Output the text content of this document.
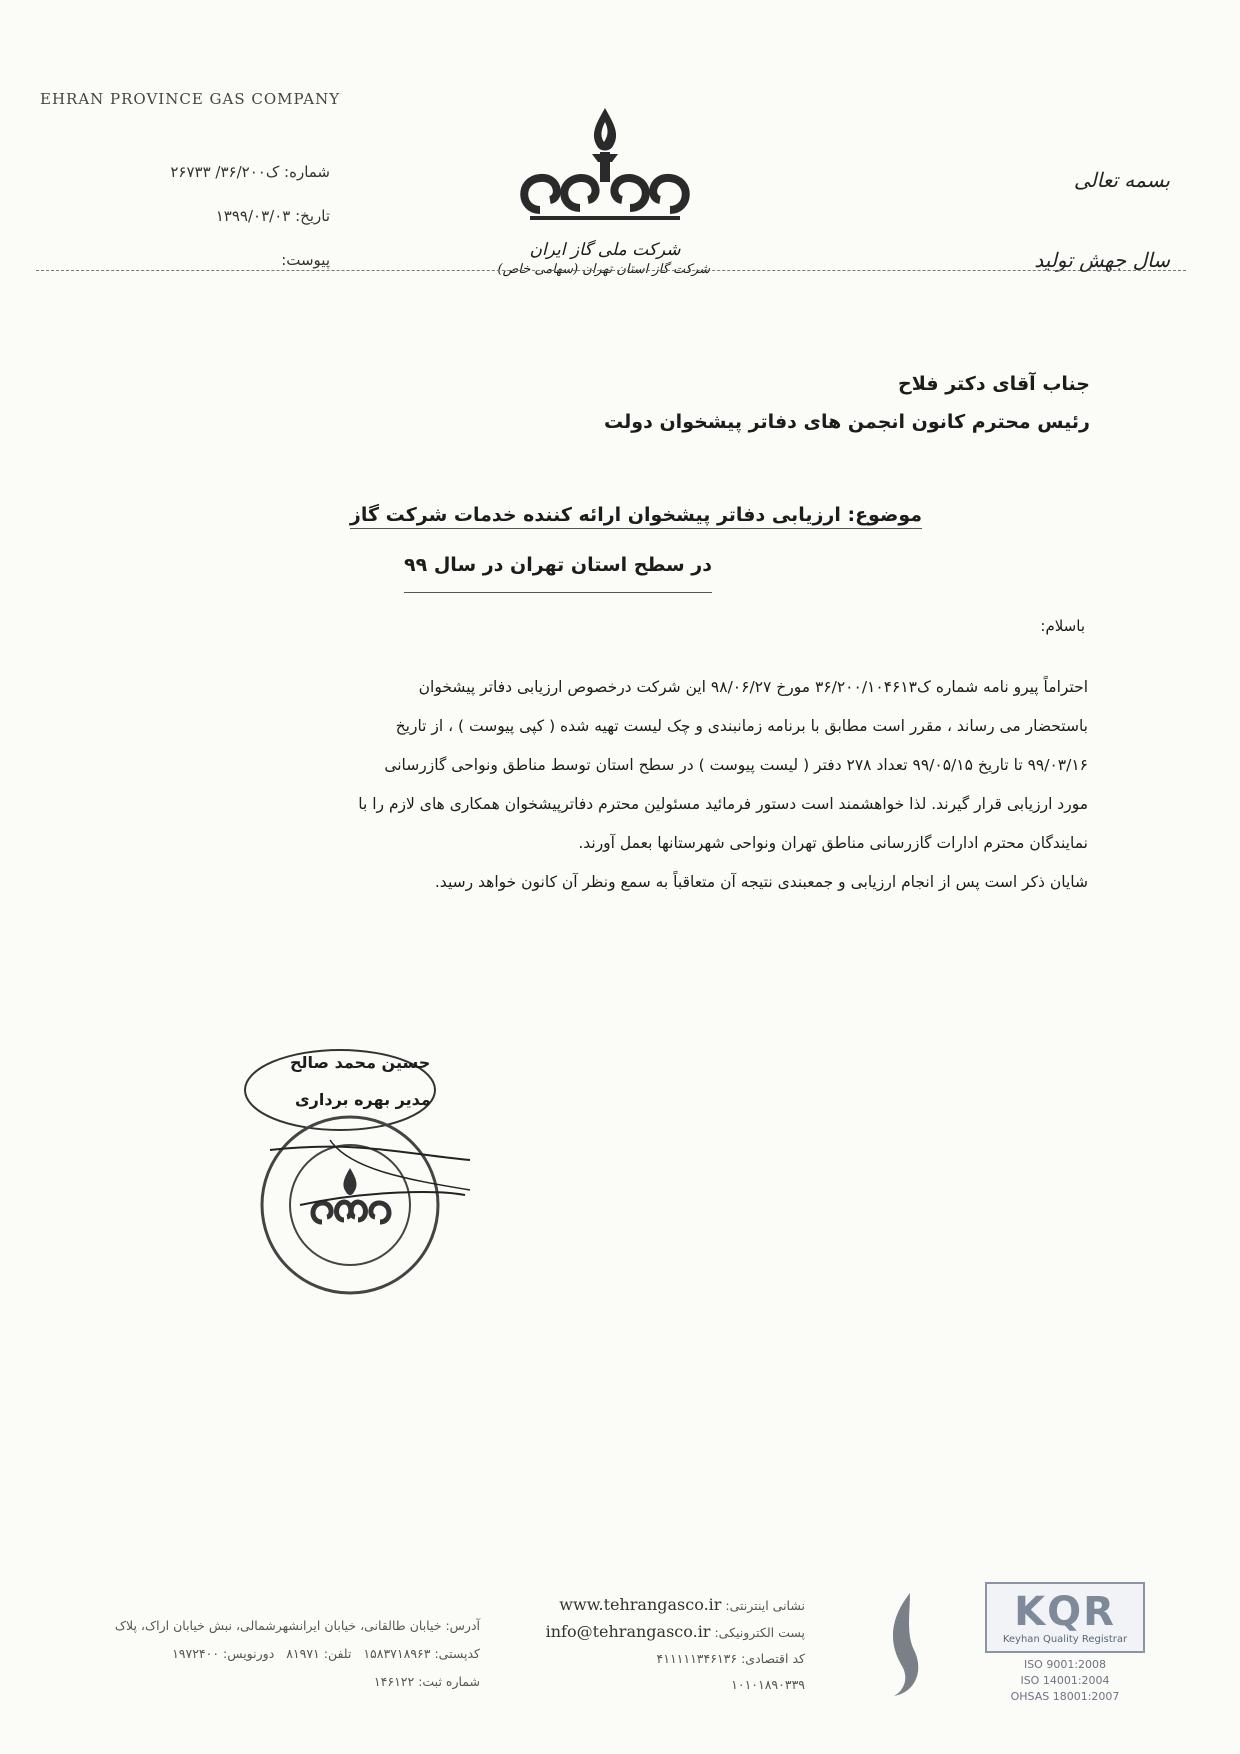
EHRAN PROVINCE GAS COMPANY
شماره: ک۳۶/۲۰۰/ ۲۶۷۳۳
تاریخ: ۱۳۹۹/۰۳/۰۳
پیوست:	شرکت ملی گاز ایران
شرکت گاز استان تهران (سهامی خاص)
بسمه تعالی
سال جهش تولید
جناب آقای دکتر فلاح
رئیس محترم کانون انجمن های دفاتر پیشخوان دولت
موضوع: ارزیابی دفاتر پیشخوان ارائه کننده خدمات شرکت گاز
در سطح استان تهران در سال ۹۹
باسلام:
احتراماً پیرو نامه شماره ک۳۶/۲۰۰/۱۰۴۶۱۳ مورخ ۹۸/۰۶/۲۷ این شرکت درخصوص ارزیابی دفاتر پیشخوان
باستحضار می رساند ، مقرر است مطابق با برنامه زمانبندی و چک لیست تهیه شده ( کپی پیوست ) ، از تاریخ
۹۹/۰۳/۱۶ تا تاریخ ۹۹/۰۵/۱۵ تعداد ۲۷۸ دفتر ( لیست پیوست ) در سطح استان توسط مناطق ونواحی گازرسانی
مورد ارزیابی قرار گیرند. لذا خواهشمند است دستور فرمائید مسئولین محترم دفاترپیشخوان همکاری های لازم را با
نمایندگان محترم ادارات گازرسانی مناطق تهران ونواحی شهرستانها بعمل آورند.
شایان ذکر است پس از انجام ارزیابی و جمعبندی نتیجه آن متعاقباً به سمع ونظر آن کانون خواهد رسید.
حسین محمد صالح
مدیر بهره برداری
KQR
Keyhan Quality Registrar
ISO 9001:2008
ISO 14001:2004
OHSAS 18001:2007
نشانی اینترنتی: www.tehrangasco.ir
پست الکترونیکی: info@tehrangasco.ir
کد اقتصادی: ۴۱۱۱۱۱۳۴۶۱۳۶
۱۰۱۰۱۸۹۰۳۳۹
آدرس: خیابان طالقانی، خیابان ایرانشهرشمالی، نبش خیابان اراک، پلاک
کدپستی: ۱۵۸۳۷۱۸۹۶۳   تلفن: ۸۱۹۷۱   دورنویس: ۱۹۷۲۴۰۰
شماره ثبت: ۱۴۶۱۲۲
